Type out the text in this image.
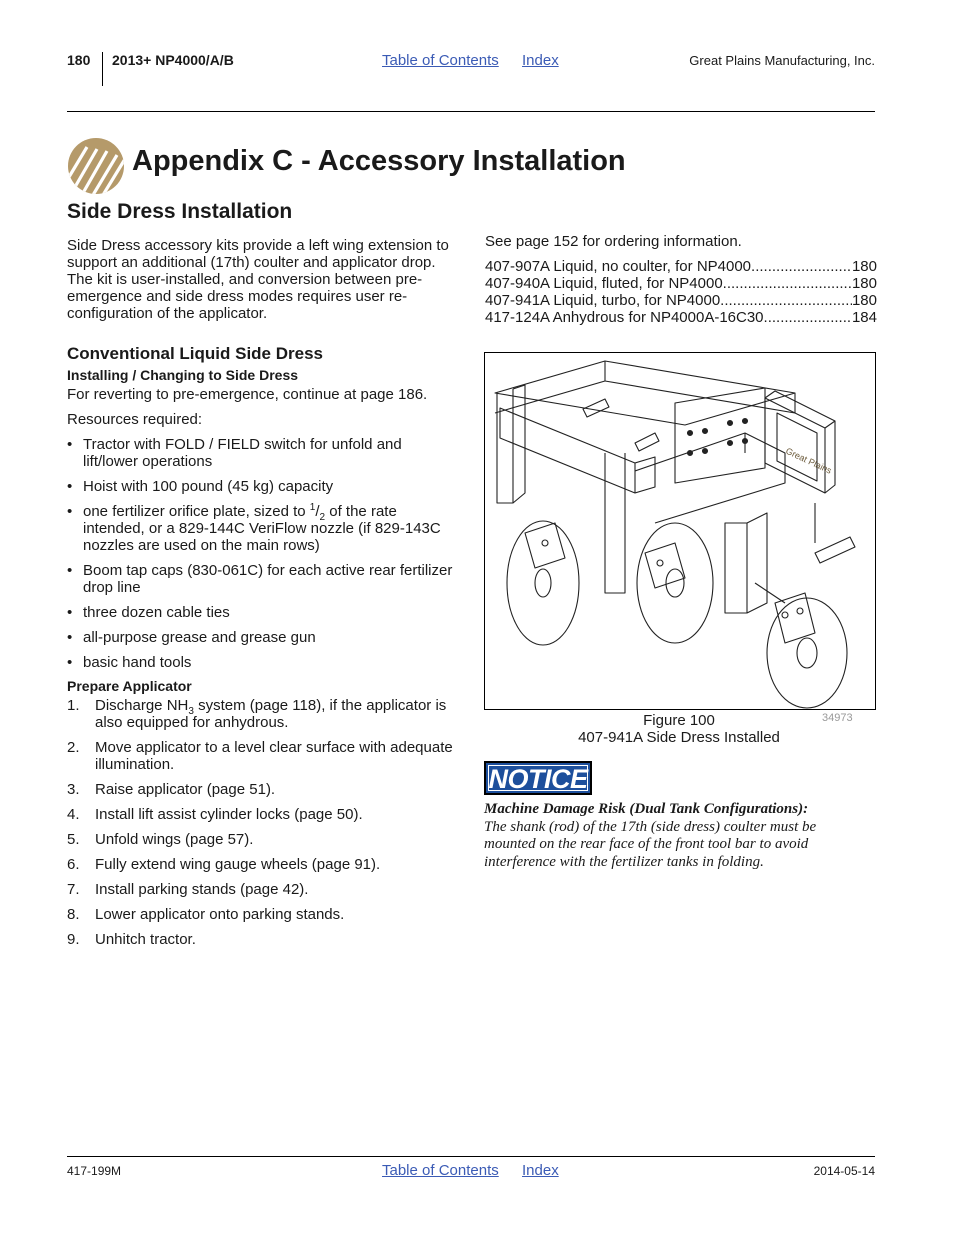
180 2013+ NP4000/A/B	Table of Contents Index	Great Plains Manufacturing, Inc.
Appendix C - Accessory Installation
Side Dress Installation

Side Dress accessory kits provide a left wing extension to support an additional (17th) coulter and applicator drop. The kit is user-installed, and conversion between pre-emergence and side dress modes requires user re-configuration of the applicator.

Conventional Liquid Side Dress
Installing / Changing to Side Dress

For reverting to pre-emergence, continue at page 186.

Resources required:

• Tractor with FOLD / FIELD switch for unfold and lift/lower operations
• Hoist with 100 pound (45 kg) capacity
• one fertilizer orifice plate, sized to $^1/_2$ of the rate intended, or a 829-144C VeriFlow nozzle (if 829-143C nozzles are used on the main rows)
• Boom tap caps (830-061C) for each active rear fertilizer drop line
• three dozen cable ties
• all-purpose grease and grease gun
• basic hand tools
Prepare Applicator
1. Discharge $NH_3$ system (page 118), if the applicator is also equipped for anhydrous.
2. Move applicator to a level clear surface with adequate illumination.
3. Raise applicator (page 51).
4. Install lift assist cylinder locks (page 50).
5. Unfold wings (page 57).
6. Fully extend wing gauge wheels (page 91).
7. Install parking stands (page 42).
8. Lower applicator onto parking stands.
9. Unhitch tractor.

See page 152 for ordering information.

407-907A Liquid, no coulter, for NP4000 .....	180
407-940A Liquid, fluted, for NP4000 .....	180
407-941A Liquid, turbo, for NP4000 .....	180
417-124A Anhydrous for NP4000A-16C30 .....	184
Great Plains
Figure 100
407-941A Side Dress Installed
34973
NOTICE
Machine Damage Risk (Dual Tank Configurations):
The shank (rod) of the 17th (side dress) coulter must be mounted on the rear face of the front tool bar to avoid interference with the fertilizer tanks in folding.
417-199M	Table of Contents Index	2014-05-14
